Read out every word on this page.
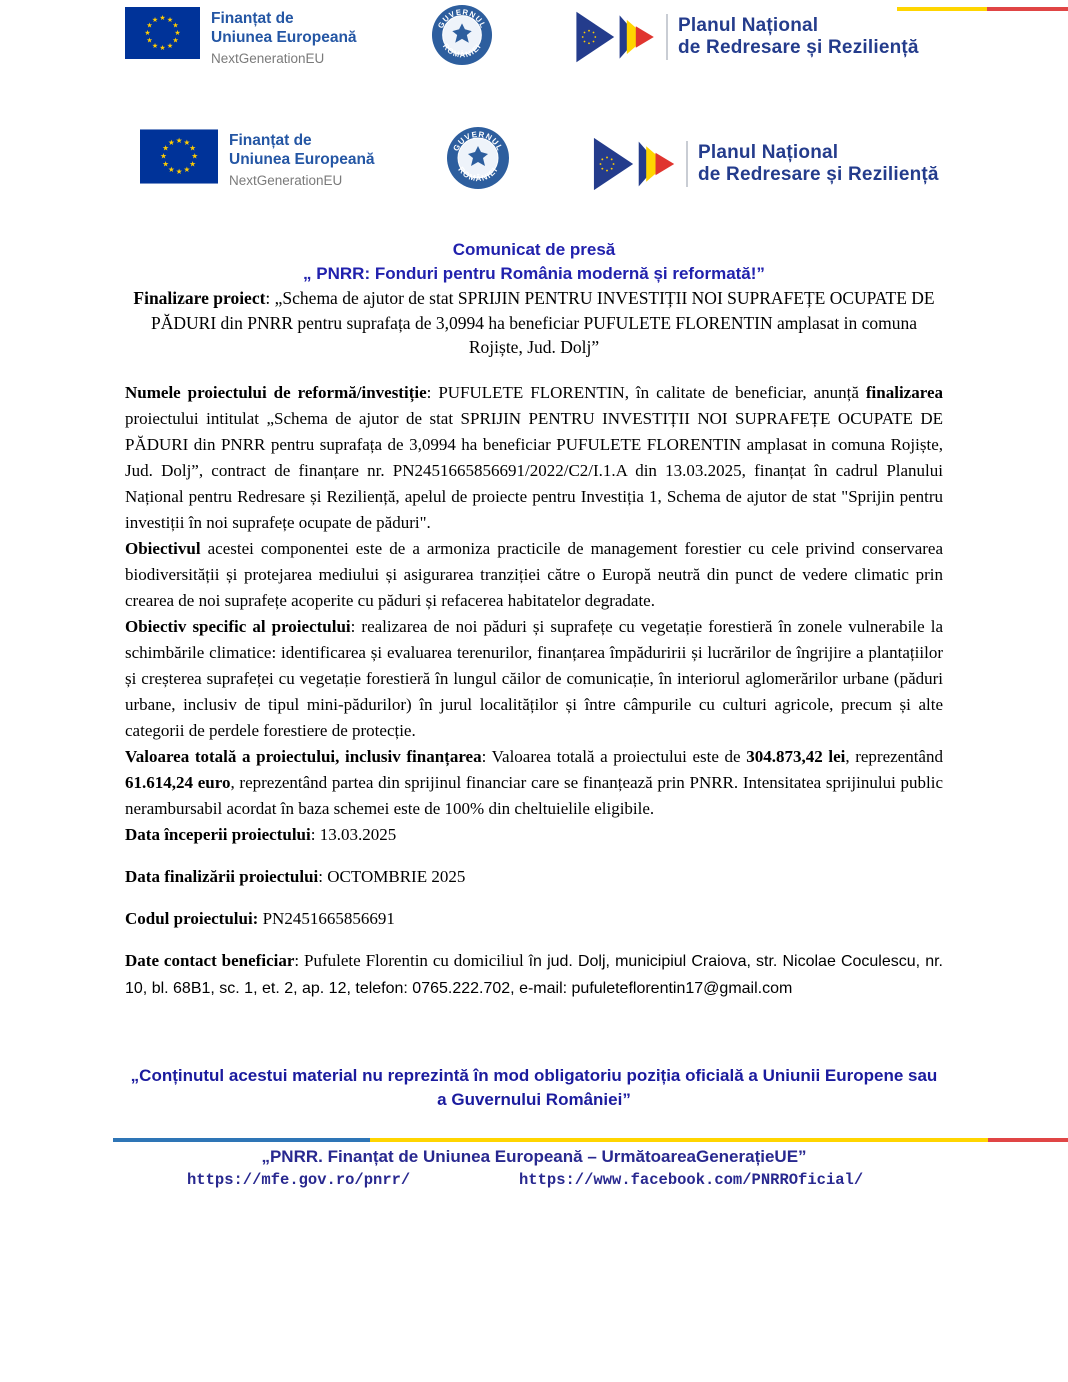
★ ★
★
★
★
★
★
★
★
★
★
★	Finanțat de
Uniunea Europeană
NextGenerationEU
GUVERNUL
ROMÂNIEI
Planul Național
de Redresare și Reziliență
★ ★
★
★
★
★
★
★
★
★
★
★	Finanțat de
Uniunea Europeană
NextGenerationEU
GUVERNUL
ROMÂNIEI
Planul Național
de Redresare și Reziliență
Comunicat de presă
„ PNRR: Fonduri pentru România modernă și reformată!”
Finalizare proiect: „Schema de ajutor de stat SPRIJIN PENTRU INVESTIȚII NOI SUPRAFEȚE OCUPATE DE PĂDURI din PNRR pentru suprafața de 3,0994 ha beneficiar PUFULETE FLORENTIN amplasat in comuna Rojiște, Jud. Dolj”

Numele proiectului de reformă/investiție: PUFULETE FLORENTIN, în calitate de beneficiar, anunță finalizarea proiectului intitulat „Schema de ajutor de stat SPRIJIN PENTRU INVESTIȚII NOI SUPRAFEȚE OCUPATE DE PĂDURI din PNRR pentru suprafața de 3,0994 ha beneficiar PUFULETE FLORENTIN amplasat in comuna Rojiște, Jud. Dolj”, contract de finanțare nr. PN2451665856691/2022/C2/I.1.A din 13.03.2025, finanțat în cadrul Planului Național pentru Redresare și Reziliență, apelul de proiecte pentru Investiția 1, Schema de ajutor de stat "Sprijin pentru investiții în noi suprafețe ocupate de păduri".

Obiectivul acestei componentei este de a armoniza practicile de management forestier cu cele privind conservarea biodiversității și protejarea mediului și asigurarea tranziției către o Europă neutră din punct de vedere climatic prin crearea de noi suprafețe acoperite cu păduri și refacerea habitatelor degradate.

Obiectiv specific al proiectului: realizarea de noi păduri și suprafețe cu vegetație forestieră în zonele vulnerabile la schimbările climatice: identificarea și evaluarea terenurilor, finanțarea împăduririi și lucrărilor de îngrijire a plantațiilor și creșterea suprafeței cu vegetație forestieră în lungul căilor de comunicație, în interiorul aglomerărilor urbane (păduri urbane, inclusiv de tipul mini-pădurilor) în jurul localităților și între câmpurile cu culturi agricole, precum și alte categorii de perdele forestiere de protecție.

Valoarea totală a proiectului, inclusiv finanțarea: Valoarea totală a proiectului este de 304.873,42 lei, reprezentând 61.614,24 euro, reprezentând partea din sprijinul financiar care se finanțează prin PNRR. Intensitatea sprijinului public nerambursabil acordat în baza schemei este de 100% din cheltuielile eligibile.

Data începerii proiectului: 13.03.2025

Data finalizării proiectului: OCTOMBRIE 2025

Codul proiectului: PN2451665856691

Date contact beneficiar: Pufulete Florentin cu domiciliul în jud. Dolj, municipiul Craiova, str. Nicolae Coculescu, nr. 10, bl. 68B1, sc. 1, et. 2, ap. 12, telefon: 0765.222.702, e-mail: pufuleteflorentin17@gmail.com

„Conținutul acestui material nu reprezintă în mod obligatoriu poziția oficială a Uniunii Europene sau a Guvernului României”
„PNRR. Finanțat de Uniunea Europeană – UrmătoareaGenerațieUE”
https://mfe.gov.ro/pnrr/	https://www.facebook.com/PNRROficial/
